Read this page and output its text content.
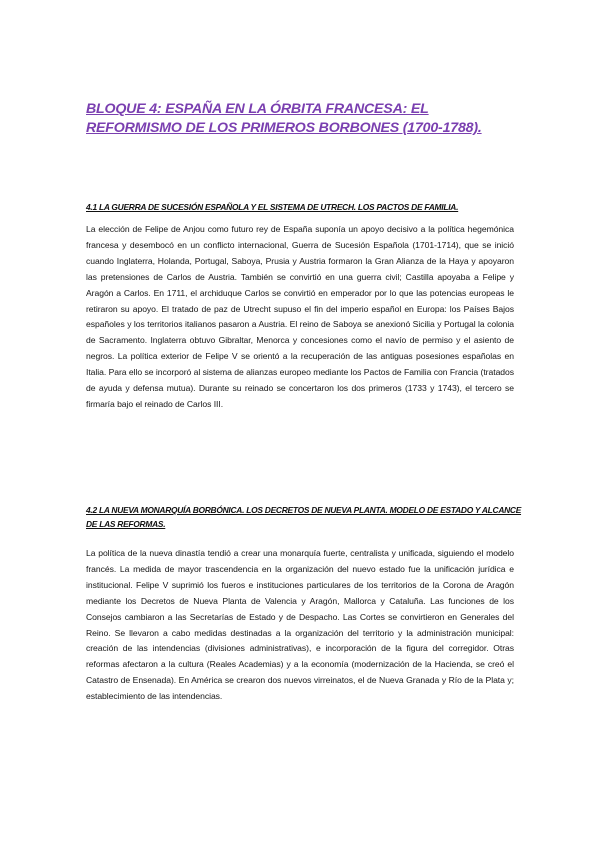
BLOQUE 4: ESPAÑA EN LA ÓRBITA FRANCESA: EL REFORMISMO DE LOS PRIMEROS BORBONES (1700-1788).
4.1 LA GUERRA DE SUCESIÓN ESPAÑOLA Y EL SISTEMA DE UTRECH. LOS PACTOS DE FAMILIA.

La elección de Felipe de Anjou como futuro rey de España suponía un apoyo decisivo a la política hegemónica francesa y desembocó en un conflicto internacional, Guerra de Sucesión Española (1701-1714), que se inició cuando Inglaterra, Holanda, Portugal, Saboya, Prusia y Austria formaron la Gran Alianza de la Haya y apoyaron las pretensiones de Carlos de Austria. También se convirtió en una guerra civil; Castilla apoyaba a Felipe y Aragón a Carlos. En 1711, el archiduque Carlos se convirtió en emperador por lo que las potencias europeas le retiraron su apoyo. El tratado de paz de Utrecht supuso el fin del imperio español en Europa: los Países Bajos españoles y los territorios italianos pasaron a Austria. El reino de Saboya se anexionó Sicilia y Portugal la colonia de Sacramento. Inglaterra obtuvo Gibraltar, Menorca y concesiones como el navío de permiso y el asiento de negros. La política exterior de Felipe V se orientó a la recuperación de las antiguas posesiones españolas en Italia. Para ello se incorporó al sistema de alianzas europeo mediante los Pactos de Familia con Francia (tratados de ayuda y defensa mutua). Durante su reinado se concertaron los dos primeros (1733 y 1743), el tercero se firmaría bajo el reinado de Carlos III.

4.2 LA NUEVA MONARQUÍA BORBÓNICA. LOS DECRETOS DE NUEVA PLANTA. MODELO DE ESTADO Y ALCANCE DE LAS REFORMAS.

La política de la nueva dinastía tendió a crear una monarquía fuerte, centralista y unificada, siguiendo el modelo francés. La medida de mayor trascendencia en la organización del nuevo estado fue la unificación jurídica e institucional. Felipe V suprimió los fueros e instituciones particulares de los territorios de la Corona de Aragón mediante los Decretos de Nueva Planta de Valencia y Aragón, Mallorca y Cataluña. Las funciones de los Consejos cambiaron a las Secretarías de Estado y de Despacho. Las Cortes se convirtieron en Generales del Reino. Se llevaron a cabo medidas destinadas a la organización del territorio y la administración municipal: creación de las intendencias (divisiones administrativas), e incorporación de la figura del corregidor. Otras reformas afectaron a la cultura (Reales Academias) y a la economía (modernización de la Hacienda, se creó el Catastro de Ensenada). En América se crearon dos nuevos virreinatos, el de Nueva Granada y Río de la Plata y; establecimiento de las intendencias.
